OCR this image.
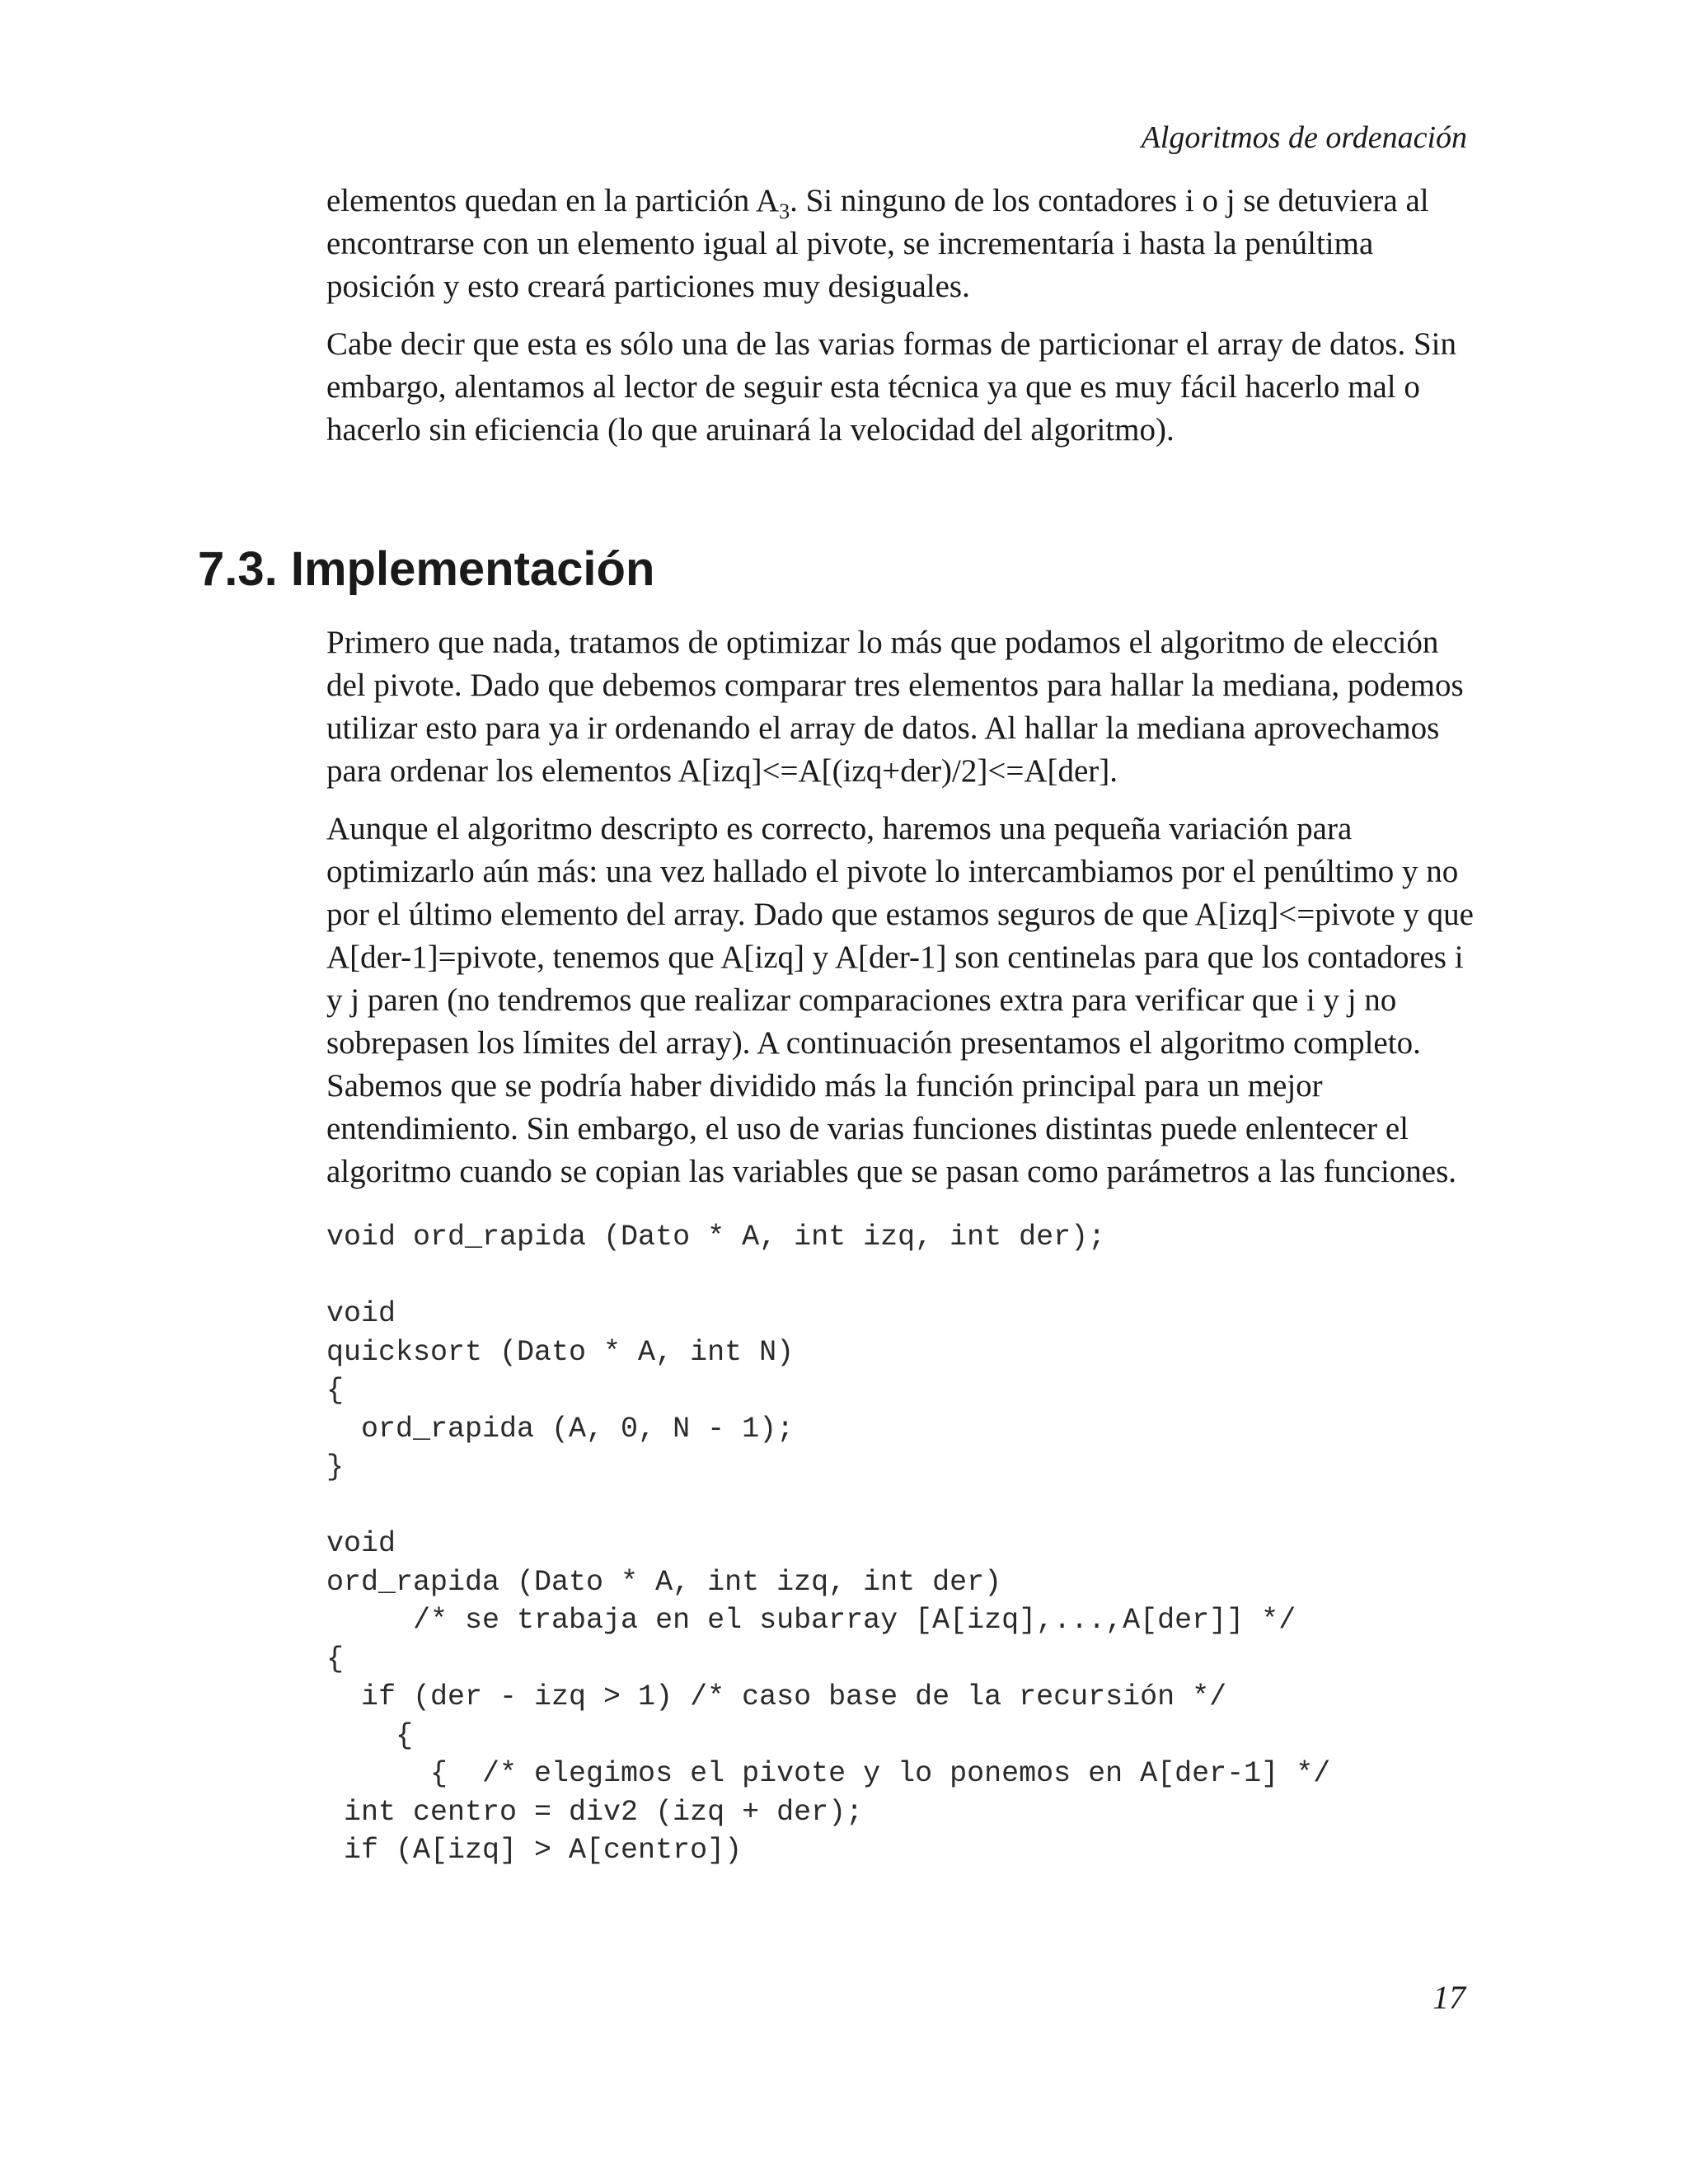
Algoritmos de ordenación

elementos quedan en la partición $A_3$. Si ninguno de los contadores i o j se detuviera al encontrarse con un elemento igual al pivote, se incrementaría i hasta la penúltima posición y esto creará particiones muy desiguales.

Cabe decir que esta es sólo una de las varias formas de particionar el array de datos. Sin embargo, alentamos al lector de seguir esta técnica ya que es muy fácil hacerlo mal o hacerlo sin eficiencia (lo que aruinará la velocidad del algoritmo).

7.3. Implementación

Primero que nada, tratamos de optimizar lo más que podamos el algoritmo de elección del pivote. Dado que debemos comparar tres elementos para hallar la mediana, podemos utilizar esto para ya ir ordenando el array de datos. Al hallar la mediana aprovechamos para ordenar los elementos A[izq]<=A[(izq+der)/2]<=A[der].

Aunque el algoritmo descripto es correcto, haremos una pequeña variación para optimizarlo aún más: una vez hallado el pivote lo intercambiamos por el penúltimo y no por el último elemento del array. Dado que estamos seguros de que A[izq]<=pivote y que A[der-1]=pivote, tenemos que A[izq] y A[der-1] son centinelas para que los contadores i y j paren (no tendremos que realizar comparaciones extra para verificar que i y j no sobrepasen los límites del array). A continuación presentamos el algoritmo completo. Sabemos que se podría haber dividido más la función principal para un mejor entendimiento. Sin embargo, el uso de varias funciones distintas puede enlentecer el algoritmo cuando se copian las variables que se pasan como parámetros a las funciones.

void ord_rapida (Dato * A, int izq, int der);
void
quicksort (Dato * A, int N)
{
ord_rapida (A, 0, N - 1);
}
void
ord_rapida (Dato * A, int izq, int der)
/* se trabaja en el subarray [A[izq],...,A[der]] */
{
if (der - izq > 1) /* caso base de la recursión */
{
{  /* elegimos el pivote y lo ponemos en A[der-1] */
int centro = div2 (izq + der);
if (A[izq] > A[centro])

17
